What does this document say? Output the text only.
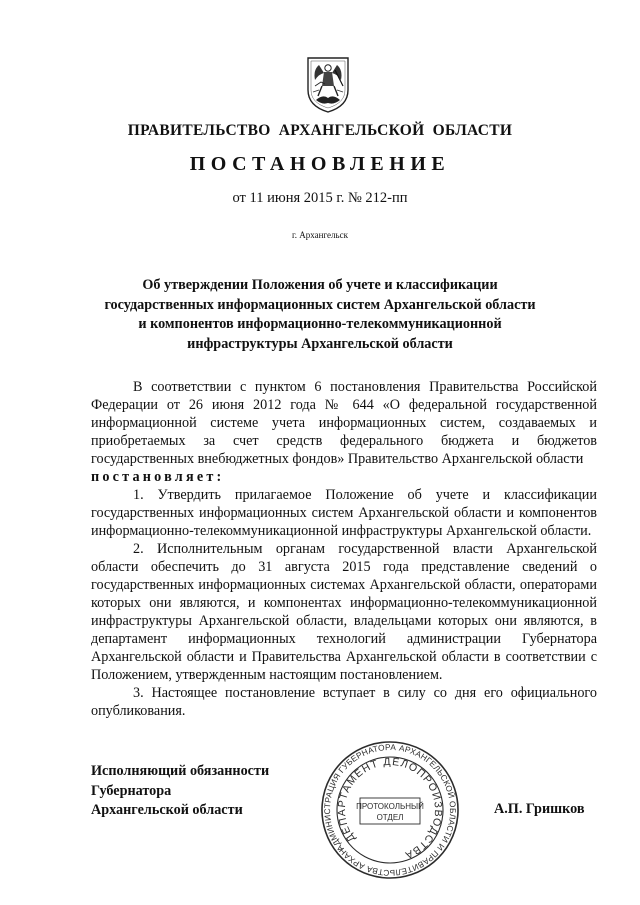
ПРАВИТЕЛЬСТВО АРХАНГЕЛЬСКОЙ ОБЛАСТИ
ПОСТАНОВЛЕНИЕ
от 11 июня 2015 г. № 212-пп
г. Архангельск
Об утверждении Положения об учете и классификации
государственных информационных систем Архангельской области
и компонентов информационно-телекоммуникационной
инфраструктуры Архангельской области

В соответствии с пунктом 6 постановления Правительства Российской Федерации от 26 июня 2012 года № 644 «О федеральной государственной информационной системе учета информационных систем, создаваемых и приобретаемых за счет средств федерального бюджета и бюджетов государственных внебюджетных фондов» Правительство Архангельской области

постановляет:

1. Утвердить прилагаемое Положение об учете и классификации государственных информационных систем Архангельской области и компонентов информационно-телекоммуникационной инфраструктуры Архангельской области.

2. Исполнительным органам государственной власти Архангельской области обеспечить до 31 августа 2015 года представление сведений о государственных информационных системах Архангельской области, операторами которых они являются, и компонентах информационно-телекоммуникационной инфраструктуры Архангельской области, владельцами которых они являются, в департамент информационных технологий администрации Губернатора Архангельской области и Правительства Архангельской области в соответствии с Положением, утвержденным настоящим постановлением.

3. Настоящее постановление вступает в силу со дня его официального опубликования.

Исполняющий обязанности
Губернатора
Архангельской области	А.П. Гришков
АДМИНИСТРАЦИЯ ГУБЕРНАТОРА АРХАНГЕЛЬСКОЙ ОБЛАСТИ И ПРАВИТЕЛЬСТВА АРХАНГЕЛЬСКОЙ
ДЕПАРТАМЕНТ ДЕЛОПРОИЗВОДСТВА
ПРОТОКОЛЬНЫЙ
ОТДЕЛ
